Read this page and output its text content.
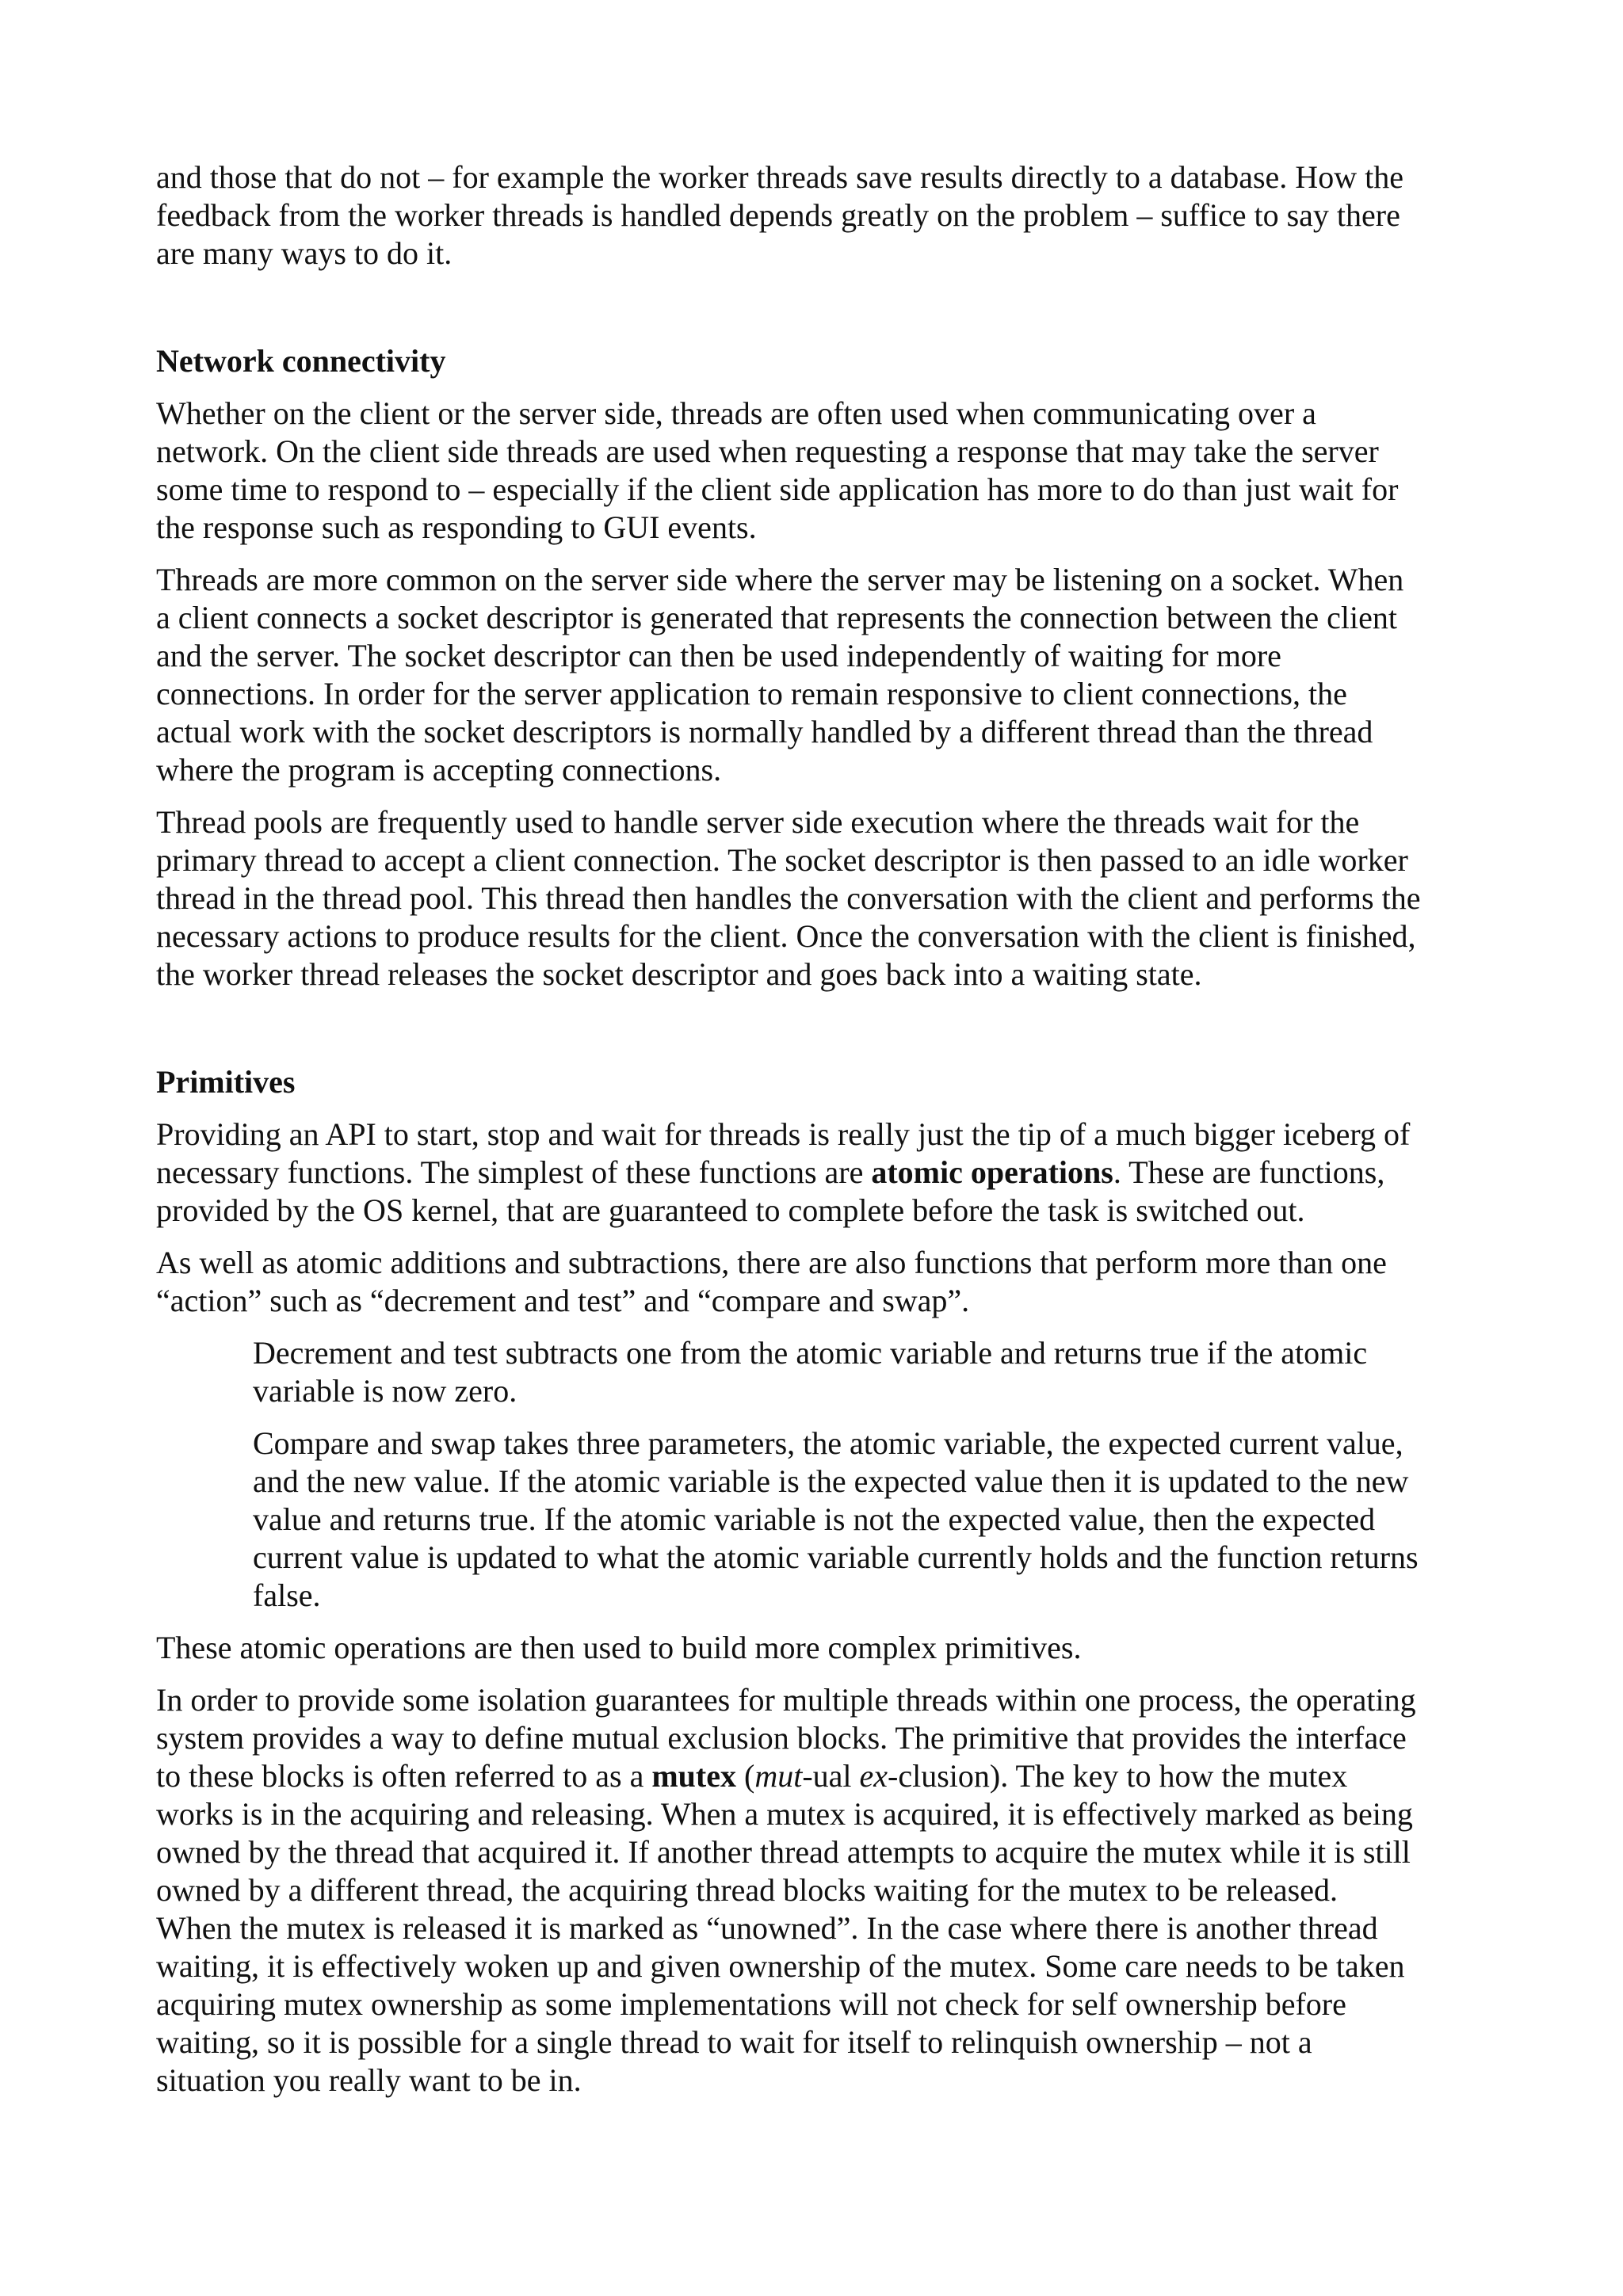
and those that do not – for example the worker threads save results directly to a database. How the
feedback from the worker threads is handled depends greatly on the problem – suffice to say there
are many ways to do it.

Network connectivity

Whether on the client or the server side, threads are often used when communicating over a
network. On the client side threads are used when requesting a response that may take the server
some time to respond to – especially if the client side application has more to do than just wait for
the response such as responding to GUI events.

Threads are more common on the server side where the server may be listening on a socket. When
a client connects a socket descriptor is generated that represents the connection between the client
and the server. The socket descriptor can then be used independently of waiting for more
connections. In order for the server application to remain responsive to client connections, the
actual work with the socket descriptors is normally handled by a different thread than the thread
where the program is accepting connections.

Thread pools are frequently used to handle server side execution where the threads wait for the
primary thread to accept a client connection. The socket descriptor is then passed to an idle worker
thread in the thread pool. This thread then handles the conversation with the client and performs the
necessary actions to produce results for the client. Once the conversation with the client is finished,
the worker thread releases the socket descriptor and goes back into a waiting state.

Primitives

Providing an API to start, stop and wait for threads is really just the tip of a much bigger iceberg of
necessary functions. The simplest of these functions are atomic operations. These are functions,
provided by the OS kernel, that are guaranteed to complete before the task is switched out.

As well as atomic additions and subtractions, there are also functions that perform more than one
“action” such as “decrement and test” and “compare and swap”.

Decrement and test subtracts one from the atomic variable and returns true if the atomic
variable is now zero.

Compare and swap takes three parameters, the atomic variable, the expected current value,
and the new value. If the atomic variable is the expected value then it is updated to the new
value and returns true. If the atomic variable is not the expected value, then the expected
current value is updated to what the atomic variable currently holds and the function returns
false.

These atomic operations are then used to build more complex primitives.

In order to provide some isolation guarantees for multiple threads within one process, the operating
system provides a way to define mutual exclusion blocks. The primitive that provides the interface
to these blocks is often referred to as a mutex (mut-ual ex-clusion). The key to how the mutex
works is in the acquiring and releasing. When a mutex is acquired, it is effectively marked as being
owned by the thread that acquired it. If another thread attempts to acquire the mutex while it is still
owned by a different thread, the acquiring thread blocks waiting for the mutex to be released.
When the mutex is released it is marked as “unowned”. In the case where there is another thread
waiting, it is effectively woken up and given ownership of the mutex. Some care needs to be taken
acquiring mutex ownership as some implementations will not check for self ownership before
waiting, so it is possible for a single thread to wait for itself to relinquish ownership – not a
situation you really want to be in.
